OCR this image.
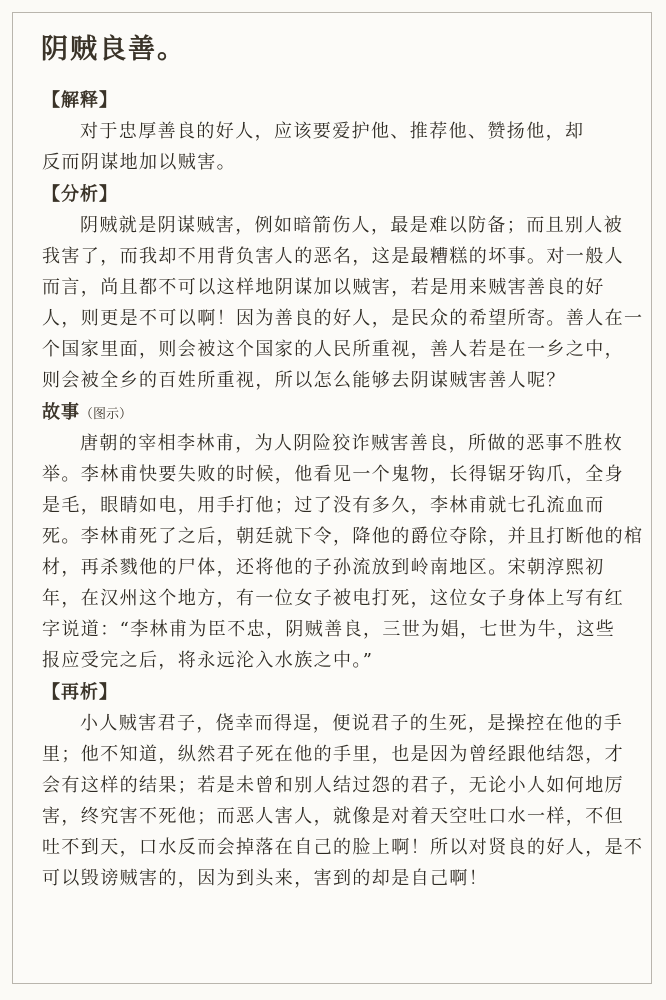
阴贼良善。
【解释】
对于忠厚善良的好人，应该要爱护他、推荐他、赞扬他，却
反而阴谋地加以贼害。
【分析】
阴贼就是阴谋贼害，例如暗箭伤人，最是难以防备；而且别人被
我害了，而我却不用背负害人的恶名，这是最糟糕的坏事。对一般人
而言，尚且都不可以这样地阴谋加以贼害，若是用来贼害善良的好
人，则更是不可以啊！因为善良的好人，是民众的希望所寄。善人在一
个国家里面，则会被这个国家的人民所重视，善人若是在一乡之中，
则会被全乡的百姓所重视，所以怎么能够去阴谋贼害善人呢？
故事（图示）
唐朝的宰相李林甫，为人阴险狡诈贼害善良，所做的恶事不胜枚
举。李林甫快要失败的时候，他看见一个鬼物，长得锯牙钩爪，全身
是毛，眼睛如电，用手打他；过了没有多久，李林甫就七孔流血而
死。李林甫死了之后，朝廷就下令，降他的爵位夺除，并且打断他的棺
材，再杀戮他的尸体，还将他的子孙流放到岭南地区。宋朝淳熙初
年，在汉州这个地方，有一位女子被电打死，这位女子身体上写有红
字说道：“李林甫为臣不忠，阴贼善良，三世为娼，七世为牛，这些
报应受完之后，将永远沦入水族之中。”
【再析】
小人贼害君子，侥幸而得逞，便说君子的生死，是操控在他的手
里；他不知道，纵然君子死在他的手里，也是因为曾经跟他结怨，才
会有这样的结果；若是未曾和别人结过怨的君子，无论小人如何地厉
害，终究害不死他；而恶人害人，就像是对着天空吐口水一样，不但
吐不到天，口水反而会掉落在自己的脸上啊！所以对贤良的好人，是不
可以毁谤贼害的，因为到头来，害到的却是自己啊！
